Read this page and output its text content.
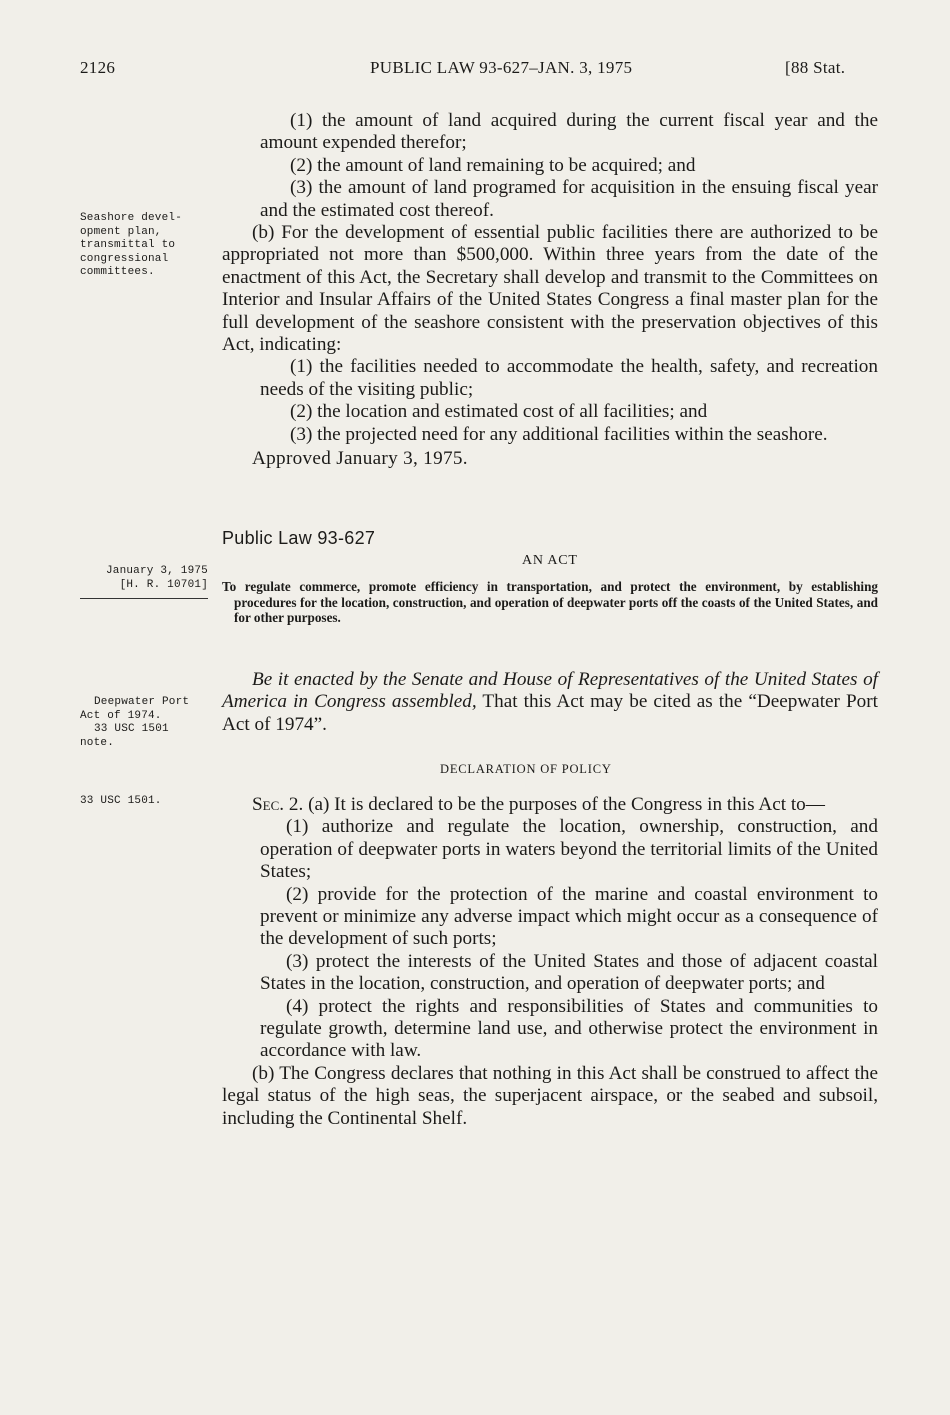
2126	PUBLIC LAW 93-627–JAN. 3, 1975	[88 Stat.

(1) the amount of land acquired during the current fiscal year and the amount expended therefor;

(2) the amount of land remaining to be acquired; and

(3) the amount of land programed for acquisition in the ensuing fiscal year and the estimated cost thereof.

(b) For the development of essential public facilities there are authorized to be appropriated not more than $500,000. Within three years from the date of the enactment of this Act, the Secretary shall develop and transmit to the Committees on Interior and Insular Affairs of the United States Congress a final master plan for the full development of the seashore consistent with the preservation objectives of this Act, indicating:

(1) the facilities needed to accommodate the health, safety, and recreation needs of the visiting public;

(2) the location and estimated cost of all facilities; and

(3) the projected need for any additional facilities within the seashore.

Approved January 3, 1975.

Seashore devel-
opment plan,
transmittal to
congressional
committees.
January 3, 1975
[H. R. 10701]
Deepwater Port
Act of 1974.
33 USC 1501
note.
33 USC 1501.
Public Law 93-627
AN ACT

To regulate commerce, promote efficiency in transportation, and protect the environment, by establishing procedures for the location, construction, and operation of deepwater ports off the coasts of the United States, and for other purposes.

Be it enacted by the Senate and House of Representatives of the United States of America in Congress assembled, That this Act may be cited as the “Deepwater Port Act of 1974”.

DECLARATION OF POLICY

Sec. 2. (a) It is declared to be the purposes of the Congress in this Act to—

(1) authorize and regulate the location, ownership, construction, and operation of deepwater ports in waters beyond the territorial limits of the United States;

(2) provide for the protection of the marine and coastal environment to prevent or minimize any adverse impact which might occur as a consequence of the development of such ports;

(3) protect the interests of the United States and those of adjacent coastal States in the location, construction, and operation of deepwater ports; and

(4) protect the rights and responsibilities of States and communities to regulate growth, determine land use, and otherwise protect the environment in accordance with law.

(b) The Congress declares that nothing in this Act shall be construed to affect the legal status of the high seas, the superjacent airspace, or the seabed and subsoil, including the Continental Shelf.
